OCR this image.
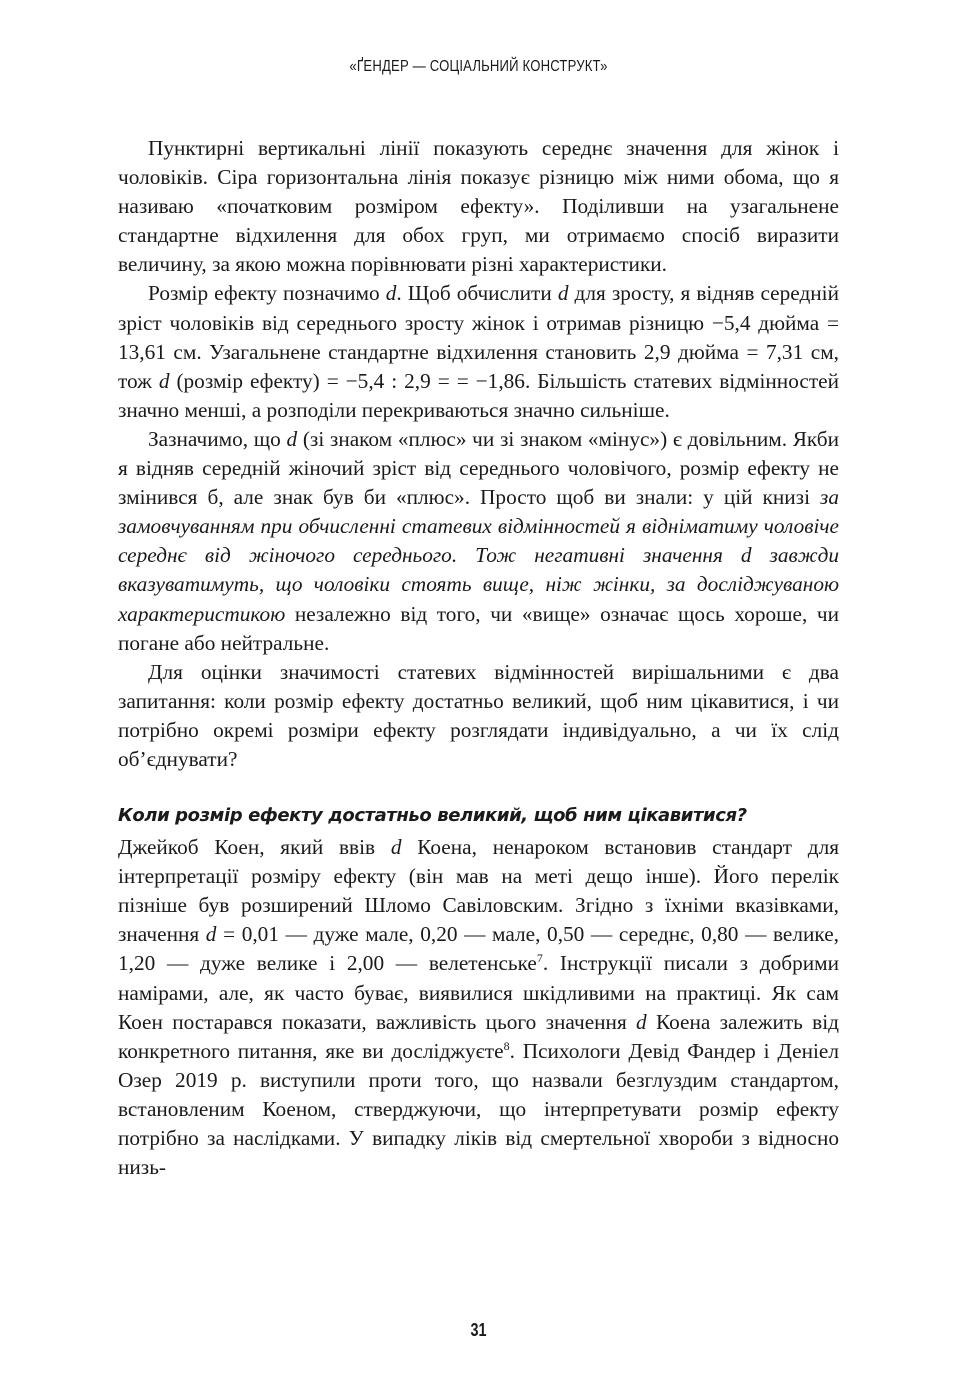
«ҐЕНДЕР — СОЦІАЛЬНИЙ КОНСТРУКТ»

Пунктирні вертикальні лінії показують середнє значення для жінок і чоловіків. Сіра горизонтальна лінія показує різницю між ними обома, що я називаю «початковим розміром ефекту». Поділивши на узагальнене стандартне відхилення для обох груп, ми отримаємо спосіб виразити величину, за якою можна порівнювати різні характеристики.

Розмір ефекту позначимо d. Щоб обчислити d для зросту, я відняв середній зріст чоловіків від середнього зросту жінок і отримав різницю −5,4 дюйма = 13,61 см. Узагальнене стандартне відхилення становить 2,9 дюйма = 7,31 см, тож d (розмір ефекту) = −5,4 : 2,9 = = −1,86. Більшість статевих відмінностей значно менші, а розподіли перекриваються значно сильніше.

Зазначимо, що d (зі знаком «плюс» чи зі знаком «мінус») є довільним. Якби я відняв середній жіночий зріст від середнього чоловічого, розмір ефекту не змінився б, але знак був би «плюс». Просто щоб ви знали: у цій книзі за замовчуванням при обчисленні статевих відмінностей я відніматиму чоловіче середнє від жіночого середнього. Тож негативні значення d завжди вказуватимуть, що чоловіки стоять вище, ніж жінки, за досліджуваною характеристикою незалежно від того, чи «вище» означає щось хороше, чи погане або нейтральне.

Для оцінки значимості статевих відмінностей вирішальними є два запитання: коли розмір ефекту достатньо великий, щоб ним цікавитися, і чи потрібно окремі розміри ефекту розглядати індивідуально, а чи їх слід об’єднувати?

Коли розмір ефекту достатньо великий, щоб ним цікавитися?

Джейкоб Коен, який ввів d Коена, ненароком встановив стандарт для інтерпретації розміру ефекту (він мав на меті дещо інше). Його перелік пізніше був розширений Шломо Савіловским. Згідно з їхніми вказівками, значення d = 0,01 — дуже мале, 0,20 — мале, 0,50 — середнє, 0,80 — велике, 1,20 — дуже велике і 2,00 — велетенське$^7$. Інструкції писали з добрими намірами, але, як часто буває, виявилися шкідливими на практиці. Як сам Коен постарався показати, важливість цього значення d Коена залежить від конкретного питання, яке ви досліджуєте$^8$. Психологи Девід Фандер і Деніел Озер 2019 р. виступили проти того, що назвали безглуздим стандартом, встановленим Коеном, стверджуючи, що інтерпретувати розмір ефекту потрібно за наслідками. У випадку ліків від смертельної хвороби з відносно низь-

31
